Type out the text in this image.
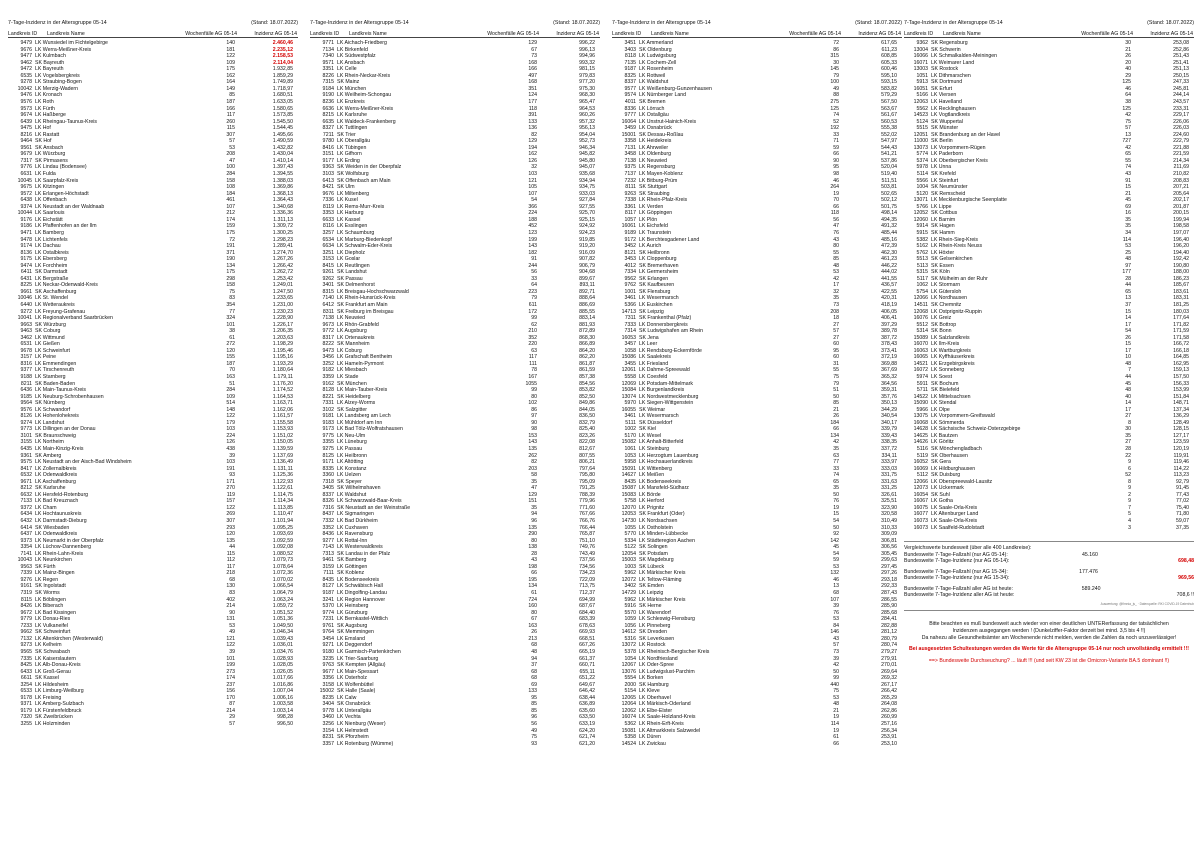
7-Tage-Inzidenz in der Altersgruppe 05-14	(Stand: 18.07.2022)
Landkreis ID	Landkreis Name	Wochenfälle AG 05-14	Inzidenz AG 05-14
9479 LK Wunsiedel im Fichtelgebirge	140	2.460,46
9676 LK Werra-Meißner-Kreis	181	2.235,12
9477 LK Kulmbach	122	2.158,53
9462 SK Bayreuth	109	2.114,04
9472 LK Bayreuth	175	1.932,85
6535 LK Vogelsbergkreis	162	1.859,29
9278 LK Straubing-Bogen	164	1.749,89
10042 LK Merzig-Wadern	149	1.718,97
9476 LK Kronach	85	1.680,51
9576 LK Roth	187	1.633,05
9573 LK Fürth	166	1.580,65
9674 LK Haßberge	117	1.573,85
6439 LK Rheingau-Taunus-Kreis	260	1.545,50
9475 LK Hof	115	1.544,45
8216 LK Rastatt	307	1.495,66
9464 SK Hof	57	1.490,59
9561 SK Ansbach	53	1.432,82
9679 LK Würzburg	208	1.430,04
7317 SK Pirmasens	47	1.410,14
9776 LK Lindau (Bodensee)	100	1.397,43
6631 LK Fulda	284	1.394,55
10045 LK Saarpfalz-Kreis	158	1.388,03
9675 LK Kitzingen	108	1.369,86
9572 LK Erlangen-Höchstadt	184	1.368,13
6438 LK Offenbach	461	1.364,43
9374 LK Neustadt an der Waldnaab	107	1.340,68
10044 LK Saarlouis	212	1.336,36
9176 LK Eichstätt	174	1.311,13
9186 LK Pfaffenhofen an der Ilm	159	1.309,72
9471 LK Bamberg	175	1.300,25
9478 LK Lichtenfels	72	1.298,23
9174 LK Dachau	191	1.289,41
8136 LK Ostalbkreis	371	1.274,70
9175 LK Ebersberg	190	1.267,26
9474 LK Forchheim	134	1.266,42
6411 SK Darmstadt	175	1.262,72
6431 LK Bergstraße	298	1.253,42
8225 LK Neckar-Odenwald-Kreis	158	1.249,01
9661 SK Aschaffenburg	75	1.247,50
10046 LK St. Wendel	83	1.233,65
6440 LK Wetteraukreis	354	1.231,00
9272 LK Freyung-Grafenau	77	1.230,23
10041 LK Regionalverband Saarbrücken	324	1.228,90
9663 SK Würzburg	101	1.226,17
9463 SK Coburg	38	1.206,35
3462 LK Wittmund	61	1.203,63
6531 LK Gießen	272	1.198,29
9678 LK Schweinfurt	120	1.195,46
3157 LK Peine	155	1.195,16
8316 LK Emmendingen	187	1.193,29
9377 LK Tirschenreuth	70	1.180,64
9188 LK Starnberg	163	1.179,11
8211 SK Baden-Baden	51	1.176,20
6436 LK Main-Taunus-Kreis	284	1.174,52
9185 LK Neuburg-Schrobenhausen	109	1.164,53
9564 SK Nürnberg	514	1.163,71
9576 LK Schwandorf	148	1.162,06
8126 LK Hohenlohekreis	122	1.161,57
9274 LK Landshut	179	1.155,58
9773 LK Dillingen an der Donau	103	1.153,93
3101 SK Braunschweig	224	1.151,02
3155 LK Northeim	126	1.150,05
6435 LK Main-Kinzig-Kreis	438	1.139,59
9361 SK Amberg	39	1.137,69
9575 LK Neustadt an der Aisch-Bad Windsheim	103	1.136,49
8417 LK Zollernalbkreis	191	1.131,11
6532 LK Odenwaldkreis	93	1.125,36
9671 LK Aschaffenburg	171	1.122,93
8212 SK Karlsruhe	270	1.122,61
6632 LK Hersfeld-Rotenburg	119	1.114,75
7133 LK Bad Kreuznach	157	1.114,34
9372 LK Cham	122	1.113,85
6434 LK Hochtaunuskreis	269	1.110,47
6432 LK Darmstadt-Dieburg	307	1.101,94
6414 SK Wiesbaden	293	1.095,25
6437 LK Odenwaldkreis	120	1.093,69
9373 LK Neumarkt in der Oberpfalz	135	1.092,59
3354 LK Lüchow-Dannenberg	44	1.092,08
7141 LK Rhein-Lahn-Kreis	115	1.080,52
10043 LK Neunkirchen	112	1.079,73
9563 SK Fürth	117	1.078,64
7339 LK Mainz-Bingen	218	1.072,36
9276 LK Regen	68	1.070,02
9161 SK Ingolstadt	130	1.066,54
7319 SK Worms	83	1.064,79
8115 LK Böblingen	402	1.063,24
8426 LK Biberach	214	1.059,72
9672 LK Bad Kissingen	90	1.051,52
9779 LK Donau-Ries	131	1.051,36
7233 LK Vulkaneifel	53	1.049,50
9662 SK Schweinfurt	49	1.046,34
7132 LK Altenkirchen (Westerwald)	121	1.039,43
9273 LK Kelheim	122	1.036,01
9565 SK Schwabach	39	1.034,76
7335 LK Kaiserslautern	101	1.028,93
8425 LK Alb-Donau-Kreis	199	1.028,05
6433 LK Groß-Gerau	273	1.026,05
6611 SK Kassel	174	1.017,66
3254 LK Hildesheim	237	1.016,86
6533 LK Limburg-Weilburg	156	1.007,04
9178 LK Freising	170	1.006,16
9371 LK Amberg-Sulzbach	87	1.003,58
9179 LK Fürstenfeldbruck	214	1.003,14
7320 SK Zweibrücken	29	998,28
3255 LK Holzminden	57	996,50
7-Tage-Inzidenz in der Altersgruppe 05-14	(Stand: 18.07.2022)
Landkreis ID	Landkreis Name	Wochenfälle AG 05-14	Inzidenz AG 05-14
9771 LK Aichach-Friedberg	129	996,22
7134 LK Birkenfeld	67	996,13
7340 LK Südwestpfalz	73	994,96
9571 LK Ansbach	168	993,32
3351 LK Celle	166	981,15
8226 LK Rhein-Neckar-Kreis	497	979,83
7315 SK Mainz	168	977,20
9184 LK München	351	975,30
9190 LK Weilheim-Schongau	124	968,30
8236 LK Enzkreis	177	965,47
6636 LK Werra-Meißner-Kreis	118	964,53
8215 LK Karlsruhe	391	960,26
6635 LK Waldeck-Frankenberg	133	957,32
8327 LK Tuttlingen	136	956,13
7211 SK Trier	82	954,04
9780 LK Oberallgäu	129	952,73
8416 LK Tübingen	194	946,34
3151 LK Gifhorn	162	945,82
9177 LK Erding	126	945,80
9363 SK Weiden in der Oberpfalz	32	945,07
3103 SK Wolfsburg	103	935,68
6413 SK Offenbach am Main	121	934,94
8421 SK Ulm	105	934,75
9676 LK Miltenberg	107	933,03
7336 LK Kusel	54	927,84
8119 LK Rems-Murr-Kreis	366	927,55
3353 LK Harburg	224	925,70
6633 LK Kassel	188	925,15
8116 LK Esslingen	452	924,92
3257 LK Schaumburg	123	924,23
6534 LK Marburg-Biedenkopf	199	919,85
6634 LK Schwalm-Eder-Kreis	143	919,20
3251 LK Diepholz	182	916,09
3153 LK Goslar	91	907,82
8415 LK Reutlingen	244	906,79
9261 SK Landshut	56	904,68
9262 SK Passau	33	899,67
3401 SK Delmenhorst	64	893,11
8315 LK Breisgau-Hochschwarzwald	223	892,71
7140 LK Rhein-Hunsrück-Kreis	79	888,64
6412 SK Frankfurt am Main	611	886,69
8311 SK Freiburg im Breisgau	172	885,55
7138 LK Neuwied	99	883,14
9673 LK Rhön-Grabfeld	62	881,93
9772 LK Augsburg	210	872,89
8317 LK Ortenaukreis	352	868,30
8222 SK Mannheim	220	866,89
9473 LK Coburg	63	864,20
3456 LK Grafschaft Bentheim	117	862,20
3252 LK Hameln-Pyrmont	111	861,87
9182 LK Miesbach	78	861,59
3359 LK Stade	167	857,38
9162 SK München	1055	854,56
8128 LK Main-Tauber-Kreis	99	853,82
8221 SK Heidelberg	80	852,50
7331 LK Alzey-Worms	102	849,86
3102 SK Salzgitter	86	844,05
9181 LK Landsberg am Lech	97	836,50
9183 LK Mühldorf am Inn	90	832,79
9173 LK Bad Tölz-Wolfratshausen	98	825,40
9775 LK Neu-Ulm	153	823,26
3355 LK Lüneburg	143	822,08
9275 LK Passau	135	812,67
8125 LK Heilbronn	262	807,55
9171 LK Altötting	82	806,21
8335 LK Konstanz	203	797,64
3360 LK Uelzen	58	795,80
7318 SK Speyer	35	795,09
3405 SK Wilhelmshaven	47	791,25
8337 LK Waldshut	129	788,39
8326 LK Schwarzwald-Baar-Kreis	151	779,96
7316 SK Neustadt an der Weinstraße	35	771,60
8437 LK Sigmaringen	94	767,66
7332 LK Bad Dürkheim	96	766,76
3352 LK Cuxhaven	135	766,44
8436 LK Ravensburg	290	765,87
9277 LK Rottal-Inn	80	751,10
7143 LK Westerwaldkreis	138	749,76
7313 SK Landau in der Pfalz	28	743,49
9461 SK Bamberg	43	737,56
3159 LK Göttingen	198	734,56
7111 SK Koblenz	66	734,23
8435 LK Bodenseekreis	195	722,09
8127 LK Schwäbisch Hall	134	713,75
9187 LK Dingolfing-Landau	61	712,37
3241 LK Region Hannover	724	694,99
5370 LK Heinsberg	160	687,67
9774 LK Günzburg	80	684,40
7231 LK Bernkastel-Wittlich	67	683,39
9761 SK Augsburg	163	678,63
9764 SK Memmingen	26	669,93
3454 LK Emsland	213	668,51
9271 LK Deggendorf	68	667,26
9180 LK Garmisch-Partenkirchen	48	665,19
3235 LK Trier-Saarburg	94	661,37
9763 SK Kempten (Allgäu)	37	660,71
9677 LK Main-Spessart	68	655,11
3356 LK Osterholz	68	651,22
3158 LK Wolfenbüttel	69	649,67
15002 SK Halle (Saale)	133	646,42
8235 LK Calw	95	638,44
3404 SK Osnabrück	85	636,89
9778 LK Unterallgäu	85	635,60
3460 LK Vechta	96	633,50
3256 LK Nienburg (Weser)	56	633,19
3154 LK Helmstedt	49	624,20
8231 SK Pforzheim	75	621,74
3357 LK Rotenburg (Wümme)	93	621,20
7-Tage-Inzidenz in der Altersgruppe 05-14	(Stand: 18.07.2022)
Landkreis ID	Landkreis Name	Wochenfälle AG 05-14	Inzidenz AG 05-14
3451 LK Ammerland	72	617,65
3403 SK Oldenburg	86	611,23
8118 LK Ludwigsburg	315	608,85
7135 LK Cochem-Zell	30	605,33
9187 LK Rosenheim	145	600,46
8325 LK Rottweil	79	595,10
8337 LK Waldshut	100	593,15
9577 LK Weißenburg-Gunzenhausen	49	583,82
9574 LK Nürnberger Land	88	579,29
4011 SK Bremen	275	567,50
8336 LK Lörrach	125	563,67
9777 LK Ostallgäu	74	561,67
16064 LK Unstrut-Hainich-Kreis	52	560,53
3459 LK Osnabrück	192	555,38
15001 SK Dessau-Roßlau	33	552,02
3358 LK Heidekreis	71	547,97
7131 LK Ahrweiler	59	544,43
3458 LK Oldenburg	66	541,21
7138 LK Neuwied	90	537,86
9375 LK Regensburg	95	520,04
7137 LK Mayen-Koblenz	98	519,40
7232 LK Bitburg-Prüm	46	511,51
8111 SK Stuttgart	264	503,81
9263 SK Straubing	19	502,65
7338 LK Rhein-Pfalz-Kreis	70	502,12
3361 LK Verden	66	501,75
8117 LK Göppingen	118	498,14
1057 LK Plön	56	494,35
16061 LK Eichsfeld	47	491,32
9189 LK Traunstein	76	485,44
9172 LK Berchtesgadener Land	43	485,16
3452 LK Aurich	80	472,39
8121 SK Heilbronn	55	462,30
3453 LK Cloppenburg	85	461,23
4012 SK Bremerhaven	48	446,22
7334 LK Germersheim	53	444,02
9562 SK Erlangen	42	441,55
9762 SK Kaufbeuren	17	436,57
1001 SK Flensburg	32	422,55
3461 LK Wesermarsch	35	420,31
5366 LK Euskirchen	73	418,19
14713 SK Leipzig	208	406,05
7311 SK Frankenthal (Pfalz)	18	406,41
7333 LK Donnersbergkreis	27	397,29
7314 SK Ludwigshafen am Rhein	57	389,78
16053 SK Jena	27	387,72
3457 LK Leer	60	378,43
1058 LK Rendsburg-Eckernförde	95	373,41
15086 LK Saalekreis	60	372,19
3455 LK Friesland	31	369,88
12061 LK Dahme-Spreewald	55	367,69
5558 LK Coesfeld	75	365,32
12069 LK Potsdam-Mittelmark	79	364,56
15084 LK Burgenlandkreis	51	359,31
13074 LK Nordwestmecklenburg	50	357,76
5970 LK Siegen-Wittgenstein	85	350,13
16055 SK Weimar	21	344,29
3461 LK Wesermarsch	26	340,54
5111 SK Düsseldorf	184	340,17
1002 SK Kiel	66	339,79
5170 LK Wesel	134	339,43
15082 LK Anhalt-Bitterfeld	42	338,35
1061 LK Steinburg	35	337,72
1053 LK Herzogtum Lauenburg	63	334,11
5958 LK Hochsauerlandkreis	77	333,97
15091 LK Wittenberg	33	333,03
14627 LK Meißen	74	331,75
8435 LK Bodenseekreis	65	331,63
15087 LK Mansfeld-Südharz	35	331,25
15083 LK Börde	50	326,61
5758 LK Herford	76	325,51
12070 LK Prignitz	19	323,90
12053 SK Frankfurt (Oder)	15	320,58
14730 LK Nordsachsen	54	310,49
1055 LK Ostholstein	50	310,33
5770 LK Minden-Lübbecke	92	309,09
5334 LK Städteregion Aachen	142	306,81
5122 SK Solingen	45	306,56
12054 SK Potsdam	54	305,45
15003 SK Magdeburg	59	299,63
1003 SK Lübeck	53	297,45
5962 LK Märkischer Kreis	132	297,26
12072 LK Teltow-Fläming	46	293,18
3402 SK Emden	13	292,33
14729 LK Leipzig	68	287,43
5962 LK Märkischer Kreis	107	286,55
5916 SK Herne	39	285,90
5570 LK Warendorf	76	285,68
1059 LK Schleswig-Flensburg	53	284,41
1056 LK Pinneberg	84	282,88
14612 SK Dresden	146	281,12
5316 SK Leverkusen	43	280,79
13072 LK Rostock	57	280,74
5378 LK Rheinisch-Bergischer Kreis	73	279,27
1054 LK Nordfriesland	39	279,91
12067 LK Oder-Spree	42	270,01
13076 LK Ludwigslust-Parchim	50	269,64
5554 LK Borken	99	269,32
2000 SK Hamburg	440	267,17
5154 LK Kleve	75	266,42
12065 LK Oberhavel	53	265,29
12064 LK Märkisch-Oderland	48	264,08
12062 LK Elbe-Elster	21	262,86
16074 LK Saale-Holzland-Kreis	19	260,99
5362 LK Rhein-Erft-Kreis	114	257,16
15081 LK Altmarkkreis Salzwedel	19	256,34
5358 LK Düren	61	253,91
14524 LK Zwickau	66	253,10
7-Tage-Inzidenz in der Altersgruppe 05-14	(Stand: 18.07.2022)
Landkreis ID	Landkreis Name	Wochenfälle AG 05-14	Inzidenz AG 05-14
9362 SK Regensburg	30	253,08
13004 SK Schwerin	21	252,86
16066 LK Schmalkalden-Meiningen	26	251,43
16071 LK Weimarer Land	20	251,41
13003 SK Rostock	40	251,13
1051 LK Dithmarschen	29	250,15
5913 SK Dortmund	125	247,33
16051 SK Erfurt	46	245,81
5166 LK Viersen	64	244,14
12063 LK Havelland	38	243,57
5562 LK Recklinghausen	125	233,31
14523 LK Vogtlandkreis	42	229,17
5124 SK Wuppertal	75	226,06
5515 SK Münster	57	226,03
12051 SK Brandenburg an der Havel	13	224,60
11000 SK Berlin	727	222,79
13073 LK Vorpommern-Rügen	42	221,88
5774 LK Paderborn	65	221,59
5374 LK Oberbergischer Kreis	55	214,34
5978 LK Unna	74	211,69
5114 SK Krefeld	43	210,82
5566 LK Steinfurt	91	208,83
1004 SK Neumünster	15	207,21
5120 SK Remscheid	21	205,64
13071 LK Mecklenburgische Seenplatte	45	202,17
5766 LK Lippe	69	201,87
12052 SK Cottbus	16	200,15
12060 LK Barnim	35	199,94
5914 SK Hagen	35	198,58
5915 SK Hamm	34	197,07
5382 LK Rhein-Sieg-Kreis	114	196,40
5162 LK Rhein-Kreis Neuss	53	196,20
5762 LK Höxter	25	194,40
5513 SK Gelsenkirchen	48	192,42
5113 SK Essen	97	190,80
5315 SK Köln	177	188,00
5117 SK Mülheim an der Ruhr	28	186,23
1062 LK Stormarn	44	185,67
5754 LK Gütersloh	65	183,61
12066 LK Nordhausen	13	183,31
14511 SK Chemnitz	37	181,25
12068 LK Ostprignitz-Ruppin	15	180,03
16076 LK Greiz	14	177,64
5512 SK Bottrop	17	171,82
5314 SK Bonn	54	171,59
15089 LK Salzlandkreis	26	171,58
16070 LK Ilm-Kreis	15	166,72
16063 LK Wartburgkreis	17	166,18
16065 LK Kyffhäuserkreis	10	164,85
14521 LK Erzgebirgskreis	48	162,95
16072 LK Sonneberg	7	159,13
5974 LK Soest	44	157,50
5911 SK Bochum	45	156,33
5711 SK Bielefeld	48	153,99
14522 LK Mittelsachsen	40	151,84
15090 LK Stendal	14	148,71
5966 LK Olpe	17	137,34
13075 LK Vorpommern-Greifswald	27	136,29
16068 LK Sömmerda	8	128,49
14628 LK Sächsische Schweiz-Osterzgebirge	30	128,15
14625 LK Bautzen	35	127,17
14626 LK Görlitz	27	123,59
5116 SK Mönchengladbach	28	120,19
5119 SK Oberhausen	22	119,91
16052 SK Gera	9	119,46
16069 LK Hildburghausen	6	114,22
5112 SK Duisburg	52	113,23
12066 LK Oberspreewald-Lausitz	8	92,79
12073 LK Uckermark	9	91,45
16054 SK Suhl	2	77,43
16067 LK Gotha	9	77,02
16075 LK Saale-Orla-Kreis	7	75,40
16077 LK Altenburger Land	5	71,80
16073 LK Saale-Orla-Kreis	4	59,07
16073 LK Saalfeld-Rudolstadt	3	37,35
Vergleichswerte bundesweit (über alle 400 Landkreise):
Bundesweite 7-Tage-Fallzahl (nur AG 05-14):	45.160
Bundesweite 7-Tage-Inzidenz (nur AG 05-14):	698,48
Bundesweite 7-Tage-Fallzahl (nur AG 15-34):	177.476
Bundesweite 7-Tage-Inzidenz (nur AG 15-34):	969,56
Bundesweite 7-Tage-Fallzahl aller AG ist heute:	589.240
Bundesweite 7-Tage-Inzidenz aller AG ist heute:	708,6 !!
Auswertung: @fimnia_js_ · Datenquelle: RKI COVID-19 Datenhub
Bitte beachten es muß bundesweit auch wieder von einer deutlichen UNTERerfassung der tatsächlichen
Inzidenzen ausgegangen werden ! (Dunkelziffer-Faktor derzeit bei mind. 3,5 bis 4 !!)
Da nahezu alle Gesundheitsämter am Wochenende nicht melden, werden die Zahlen da noch unzuverlässiger!
Bei ausgesetzten Schultestungen werden die Werte für die Altersgruppe 05-14 nur noch unvollständig ermittelt !!!
==> Bundesweite Durchseuchung? ... läuft !!! (und seit KW 23 ist die Omicron-Variante BA.5 dominant !!)
